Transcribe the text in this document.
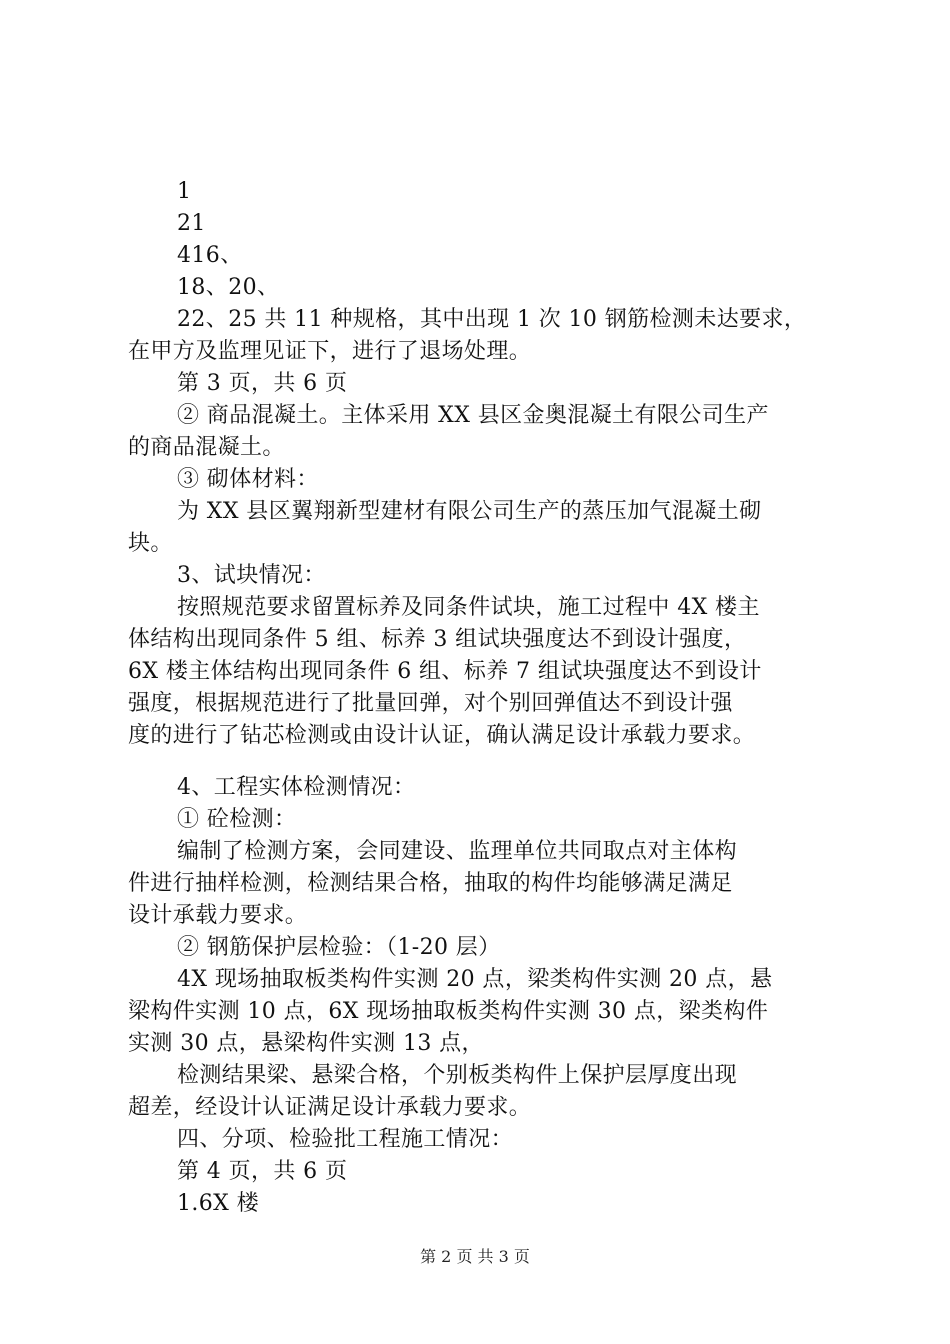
1
21
416、
18、20、
22、25 共 11 种规格，其中出现 1 次 10 钢筋检测未达要求，
在甲方及监理见证下，进行了退场处理。
第 3 页，共 6 页
② 商品混凝土。主体采用 XX 县区金奥混凝土有限公司生产
的商品混凝土。
③ 砌体材料：
为 XX 县区翼翔新型建材有限公司生产的蒸压加气混凝土砌
块。
3、试块情况：
按照规范要求留置标养及同条件试块，施工过程中 4X 楼主
体结构出现同条件 5 组、标养 3 组试块强度达不到设计强度，
6X 楼主体结构出现同条件 6 组、标养 7 组试块强度达不到设计
强度，根据规范进行了批量回弹，对个别回弹值达不到设计强
度的进行了钻芯检测或由设计认证，确认满足设计承载力要求。
4、工程实体检测情况：
① 砼检测：
编制了检测方案，会同建设、监理单位共同取点对主体构
件进行抽样检测，检测结果合格，抽取的构件均能够满足满足
设计承载力要求。
② 钢筋保护层检验：（1-20 层）
4X 现场抽取板类构件实测 20 点，梁类构件实测 20 点，悬
梁构件实测 10 点，6X 现场抽取板类构件实测 30 点，梁类构件
实测 30 点，悬梁构件实测 13 点，
检测结果梁、悬梁合格，个别板类构件上保护层厚度出现
超差，经设计认证满足设计承载力要求。
四、分项、检验批工程施工情况：
第 4 页，共 6 页
1.6X 楼
第 2 页 共 3 页
